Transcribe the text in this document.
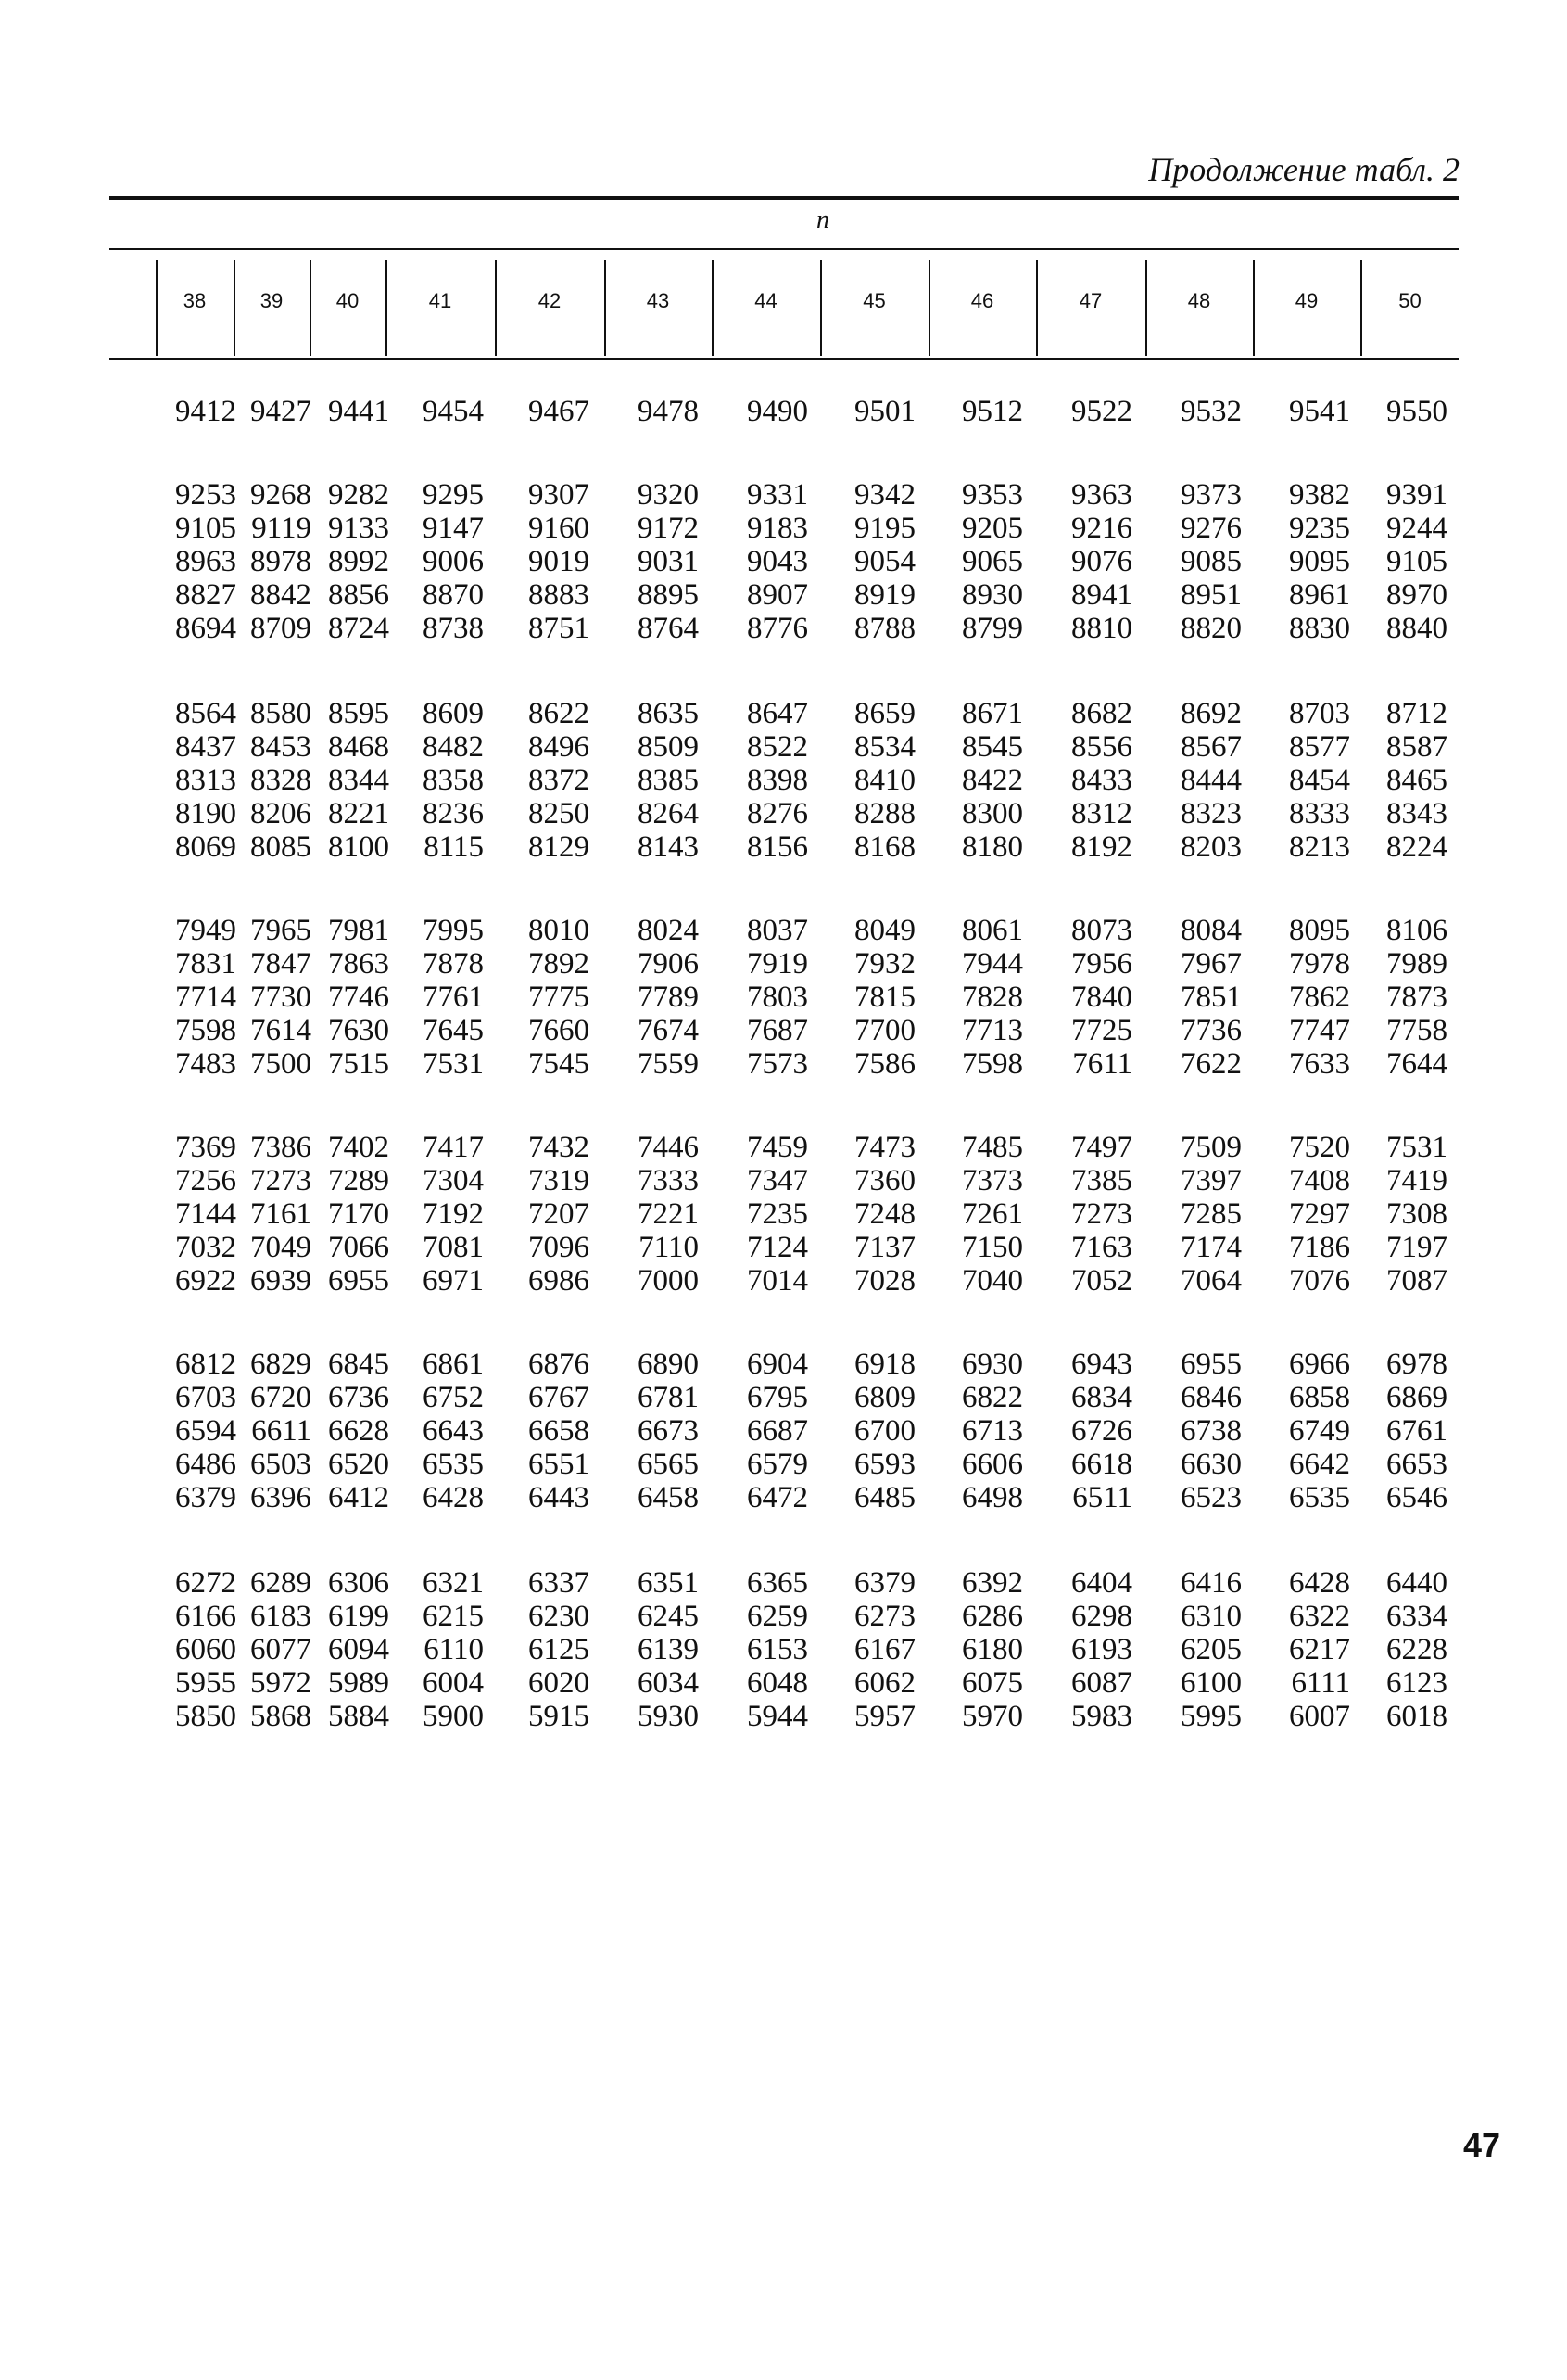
Продолжение табл. 2
n
38	39	40	41	42	43	44	45	46	47	48	49	50
9412 9427 9441	9454	9467	9478	9490	9501	9512	9522	9532	9541	9550
9253 9268 9282	9295	9307	9320	9331	9342	9353	9363	9373	9382	9391
9105 9119 9133	9147	9160	9172	9183	9195	9205	9216	9276	9235	9244
8963 8978 8992	9006	9019	9031	9043	9054	9065	9076	9085	9095	9105
8827 8842 8856	8870	8883	8895	8907	8919	8930	8941	8951	8961	8970
8694 8709 8724	8738	8751	8764	8776	8788	8799	8810	8820	8830	8840
8564 8580 8595	8609	8622	8635	8647	8659	8671	8682	8692	8703	8712
8437 8453 8468	8482	8496	8509	8522	8534	8545	8556	8567	8577	8587
8313 8328 8344	8358	8372	8385	8398	8410	8422	8433	8444	8454	8465
8190 8206 8221	8236	8250	8264	8276	8288	8300	8312	8323	8333	8343
8069 8085 8100	8115	8129	8143	8156	8168	8180	8192	8203	8213	8224
7949 7965 7981	7995	8010	8024	8037	8049	8061	8073	8084	8095	8106
7831 7847 7863	7878	7892	7906	7919	7932	7944	7956	7967	7978	7989
7714 7730 7746	7761	7775	7789	7803	7815	7828	7840	7851	7862	7873
7598 7614 7630	7645	7660	7674	7687	7700	7713	7725	7736	7747	7758
7483 7500 7515	7531	7545	7559	7573	7586	7598	7611	7622	7633	7644
7369 7386 7402	7417	7432	7446	7459	7473	7485	7497	7509	7520	7531
7256 7273 7289	7304	7319	7333	7347	7360	7373	7385	7397	7408	7419
7144 7161 7170	7192	7207	7221	7235	7248	7261	7273	7285	7297	7308
7032 7049 7066	7081	7096	7110	7124	7137	7150	7163	7174	7186	7197
6922 6939 6955	6971	6986	7000	7014	7028	7040	7052	7064	7076	7087
6812 6829 6845	6861	6876	6890	6904	6918	6930	6943	6955	6966	6978
6703 6720 6736	6752	6767	6781	6795	6809	6822	6834	6846	6858	6869
6594 6611 6628	6643	6658	6673	6687	6700	6713	6726	6738	6749	6761
6486 6503 6520	6535	6551	6565	6579	6593	6606	6618	6630	6642	6653
6379 6396 6412	6428	6443	6458	6472	6485	6498	6511	6523	6535	6546
6272 6289 6306	6321	6337	6351	6365	6379	6392	6404	6416	6428	6440
6166 6183 6199	6215	6230	6245	6259	6273	6286	6298	6310	6322	6334
6060 6077 6094	6110	6125	6139	6153	6167	6180	6193	6205	6217	6228
5955 5972 5989	6004	6020	6034	6048	6062	6075	6087	6100	6111	6123
5850 5868 5884	5900	5915	5930	5944	5957	5970	5983	5995	6007	6018
47
